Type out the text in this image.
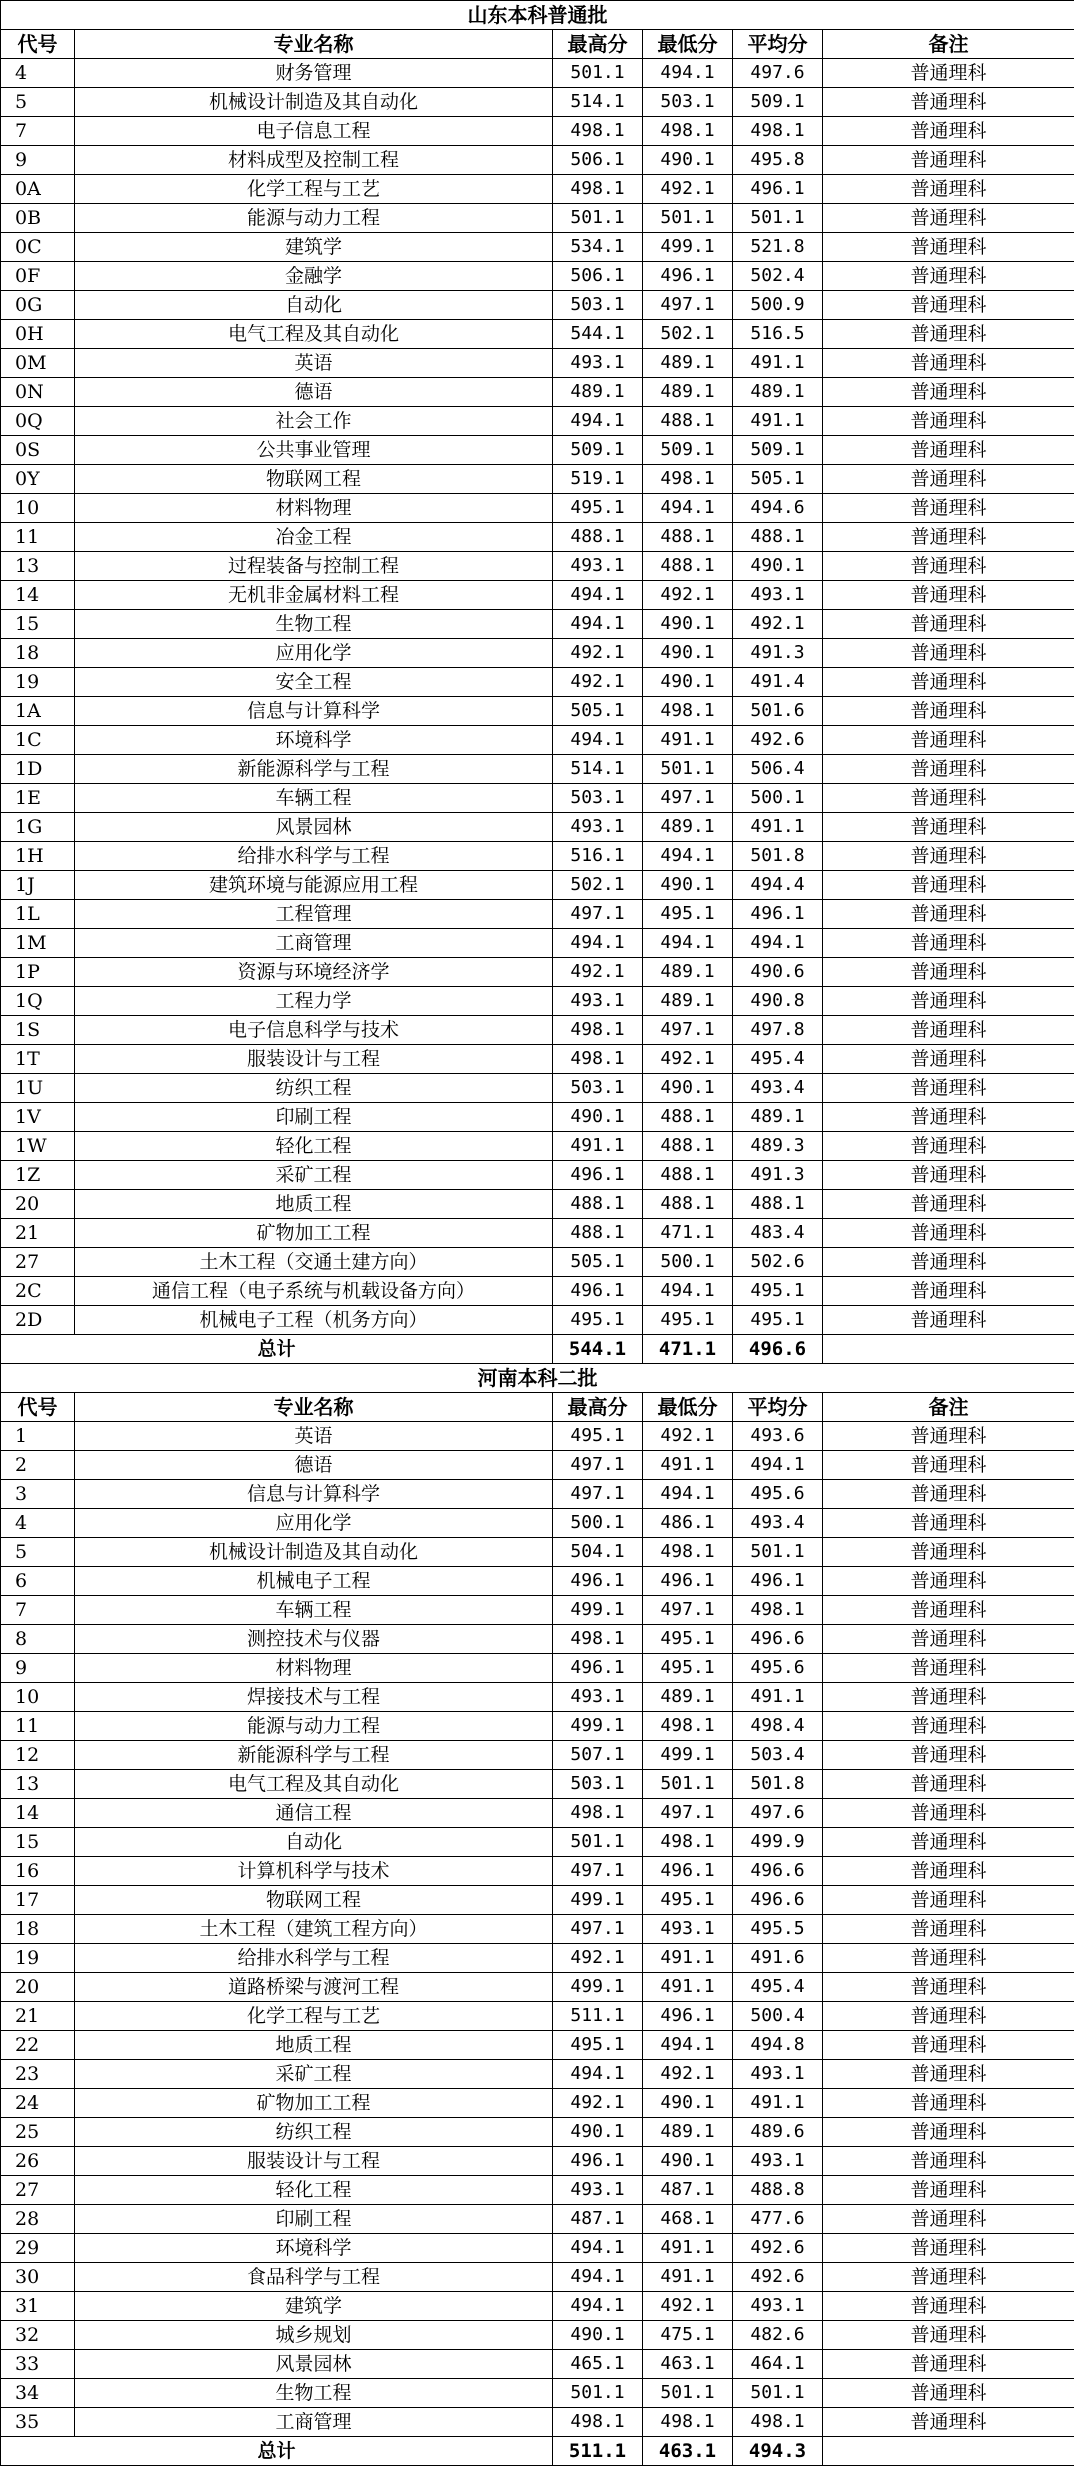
山东本科普通批					
代号	专业名称	最高分	最低分	平均分	备注
4	财务管理	501.1	494.1	497.6	普通理科
5	机械设计制造及其自动化	514.1	503.1	509.1	普通理科
7	电子信息工程	498.1	498.1	498.1	普通理科
9	材料成型及控制工程	506.1	490.1	495.8	普通理科
0A	化学工程与工艺	498.1	492.1	496.1	普通理科
0B	能源与动力工程	501.1	501.1	501.1	普通理科
0C	建筑学	534.1	499.1	521.8	普通理科
0F	金融学	506.1	496.1	502.4	普通理科
0G	自动化	503.1	497.1	500.9	普通理科
0H	电气工程及其自动化	544.1	502.1	516.5	普通理科
0M	英语	493.1	489.1	491.1	普通理科
0N	德语	489.1	489.1	489.1	普通理科
0Q	社会工作	494.1	488.1	491.1	普通理科
0S	公共事业管理	509.1	509.1	509.1	普通理科
0Y	物联网工程	519.1	498.1	505.1	普通理科
10	材料物理	495.1	494.1	494.6	普通理科
11	冶金工程	488.1	488.1	488.1	普通理科
13	过程装备与控制工程	493.1	488.1	490.1	普通理科
14	无机非金属材料工程	494.1	492.1	493.1	普通理科
15	生物工程	494.1	490.1	492.1	普通理科
18	应用化学	492.1	490.1	491.3	普通理科
19	安全工程	492.1	490.1	491.4	普通理科
1A	信息与计算科学	505.1	498.1	501.6	普通理科
1C	环境科学	494.1	491.1	492.6	普通理科
1D	新能源科学与工程	514.1	501.1	506.4	普通理科
1E	车辆工程	503.1	497.1	500.1	普通理科
1G	风景园林	493.1	489.1	491.1	普通理科
1H	给排水科学与工程	516.1	494.1	501.8	普通理科
1J	建筑环境与能源应用工程	502.1	490.1	494.4	普通理科
1L	工程管理	497.1	495.1	496.1	普通理科
1M	工商管理	494.1	494.1	494.1	普通理科
1P	资源与环境经济学	492.1	489.1	490.6	普通理科
1Q	工程力学	493.1	489.1	490.8	普通理科
1S	电子信息科学与技术	498.1	497.1	497.8	普通理科
1T	服装设计与工程	498.1	492.1	495.4	普通理科
1U	纺织工程	503.1	490.1	493.4	普通理科
1V	印刷工程	490.1	488.1	489.1	普通理科
1W	轻化工程	491.1	488.1	489.3	普通理科
1Z	采矿工程	496.1	488.1	491.3	普通理科
20	地质工程	488.1	488.1	488.1	普通理科
21	矿物加工工程	488.1	471.1	483.4	普通理科
27	土木工程（交通土建方向）	505.1	500.1	502.6	普通理科
2C	通信工程（电子系统与机载设备方向）	496.1	494.1	495.1	普通理科
2D	机械电子工程（机务方向）	495.1	495.1	495.1	普通理科
总计		544.1	471.1	496.6	
河南本科二批					
代号	专业名称	最高分	最低分	平均分	备注
1	英语	495.1	492.1	493.6	普通理科
2	德语	497.1	491.1	494.1	普通理科
3	信息与计算科学	497.1	494.1	495.6	普通理科
4	应用化学	500.1	486.1	493.4	普通理科
5	机械设计制造及其自动化	504.1	498.1	501.1	普通理科
6	机械电子工程	496.1	496.1	496.1	普通理科
7	车辆工程	499.1	497.1	498.1	普通理科
8	测控技术与仪器	498.1	495.1	496.6	普通理科
9	材料物理	496.1	495.1	495.6	普通理科
10	焊接技术与工程	493.1	489.1	491.1	普通理科
11	能源与动力工程	499.1	498.1	498.4	普通理科
12	新能源科学与工程	507.1	499.1	503.4	普通理科
13	电气工程及其自动化	503.1	501.1	501.8	普通理科
14	通信工程	498.1	497.1	497.6	普通理科
15	自动化	501.1	498.1	499.9	普通理科
16	计算机科学与技术	497.1	496.1	496.6	普通理科
17	物联网工程	499.1	495.1	496.6	普通理科
18	土木工程（建筑工程方向）	497.1	493.1	495.5	普通理科
19	给排水科学与工程	492.1	491.1	491.6	普通理科
20	道路桥梁与渡河工程	499.1	491.1	495.4	普通理科
21	化学工程与工艺	511.1	496.1	500.4	普通理科
22	地质工程	495.1	494.1	494.8	普通理科
23	采矿工程	494.1	492.1	493.1	普通理科
24	矿物加工工程	492.1	490.1	491.1	普通理科
25	纺织工程	490.1	489.1	489.6	普通理科
26	服装设计与工程	496.1	490.1	493.1	普通理科
27	轻化工程	493.1	487.1	488.8	普通理科
28	印刷工程	487.1	468.1	477.6	普通理科
29	环境科学	494.1	491.1	492.6	普通理科
30	食品科学与工程	494.1	491.1	492.6	普通理科
31	建筑学	494.1	492.1	493.1	普通理科
32	城乡规划	490.1	475.1	482.6	普通理科
33	风景园林	465.1	463.1	464.1	普通理科
34	生物工程	501.1	501.1	501.1	普通理科
35	工商管理	498.1	498.1	498.1	普通理科
总计		511.1	463.1	494.3	
